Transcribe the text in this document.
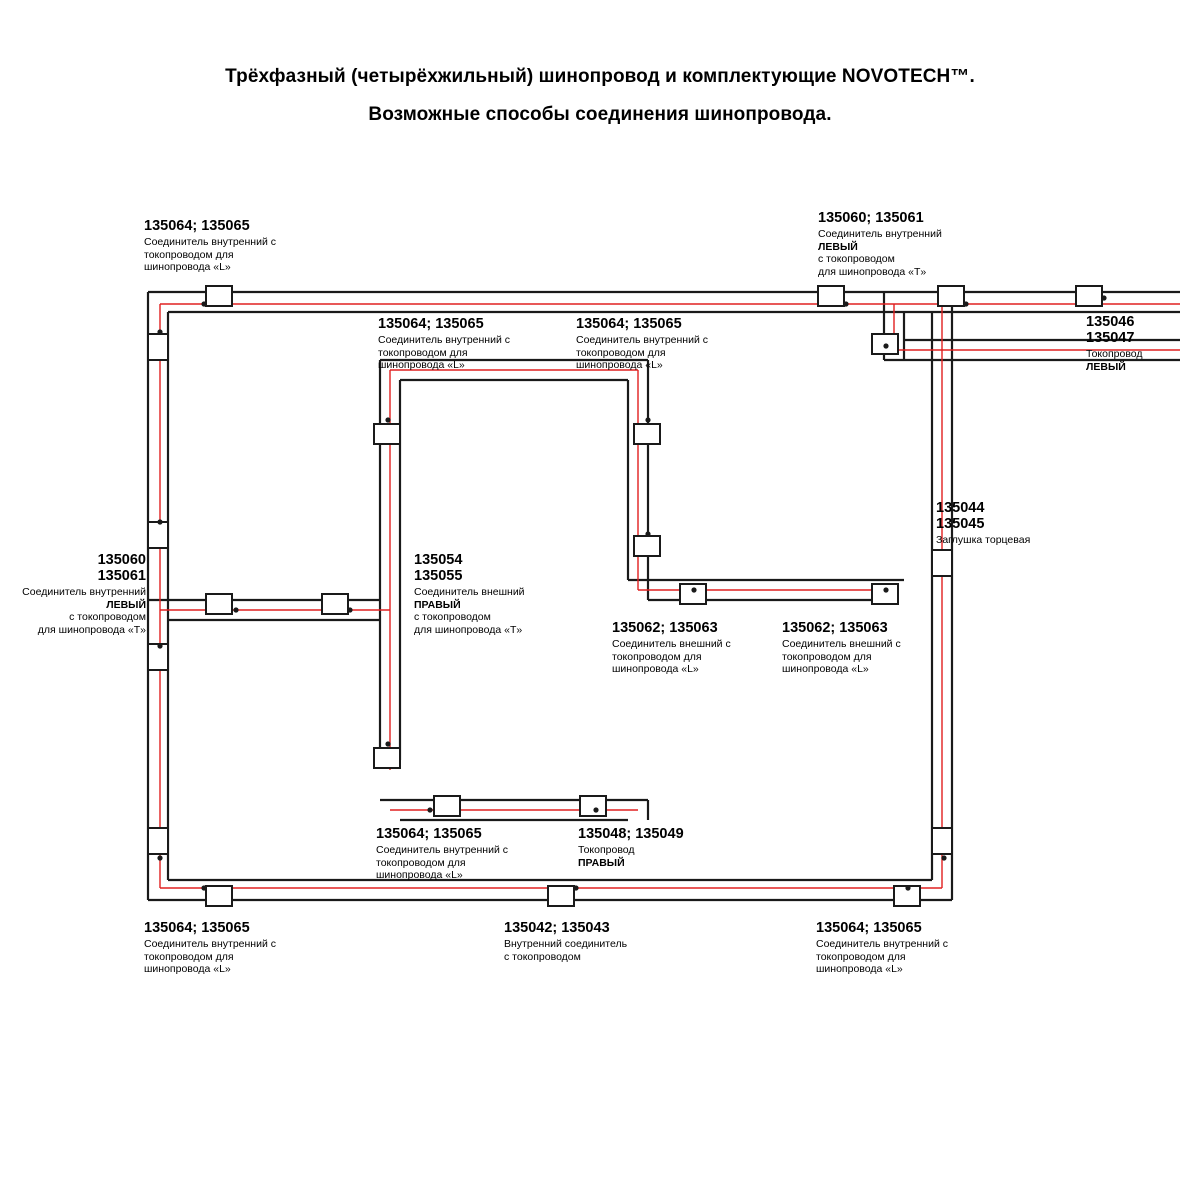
Трёхфазный (четырёхжильный) шинопровод и комплектующие NOVOTECH™.
Возможные способы соединения шинопровода.
135064; 135065
Соединитель внутренний с
токопроводом для
шинопровода «L»
135060; 135061
Соединитель внутренний
ЛЕВЫЙ
с токопроводом
для шинопровода «T»
135046
135047
Токопровод
ЛЕВЫЙ
135064; 135065
Соединитель внутренний с
токопроводом для
шинопровода «L»
135064; 135065
Соединитель внутренний с
токопроводом для
шинопровода «L»
135044
135045
Заглушка торцевая
135060
135061
Соединитель внутренний
ЛЕВЫЙ
с токопроводом
для шинопровода «T»
135054
135055
Соединитель внешний
ПРАВЫЙ
с токопроводом
для шинопровода «T»	135062; 135063
Соединитель внешний с
токопроводом для
шинопровода «L»
135062; 135063
Соединитель внешний с
токопроводом для
шинопровода «L»
135064; 135065
Соединитель внутренний с
токопроводом для
шинопровода «L»
135048; 135049
Токопровод
ПРАВЫЙ
135064; 135065
Соединитель внутренний с
токопроводом для
шинопровода «L»
135042; 135043
Внутренний соединитель
с токопроводом
135064; 135065
Соединитель внутренний с
токопроводом для
шинопровода «L»
